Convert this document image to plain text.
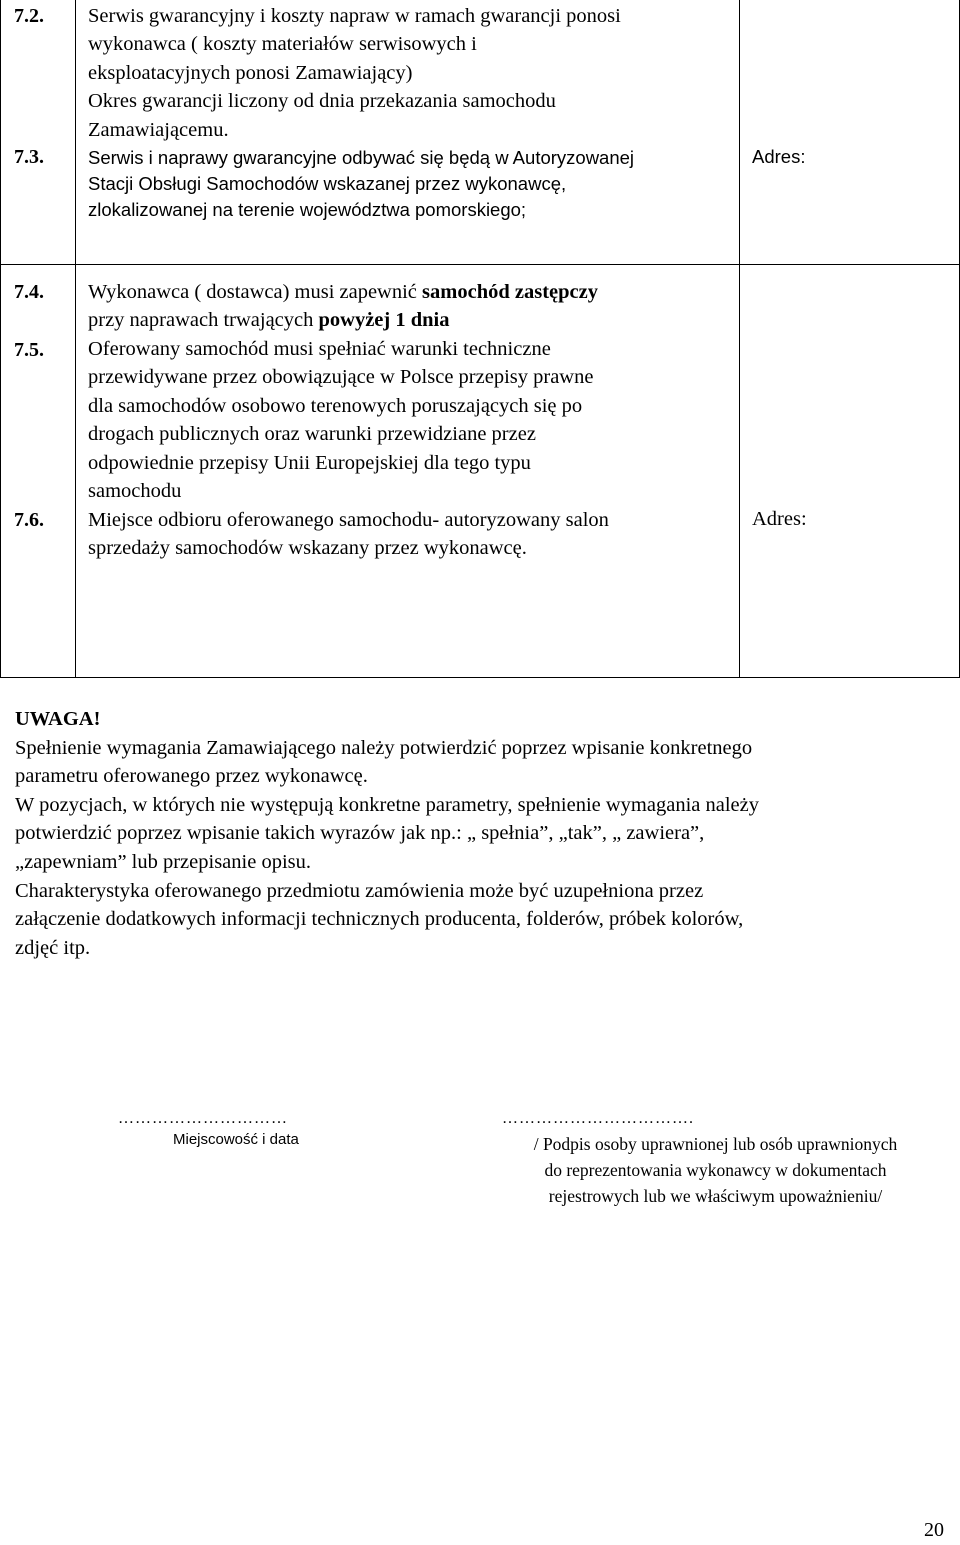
7.2. Serwis gwarancyjny i koszty napraw w ramach gwarancji ponosi
wykonawca ( koszty materiałów serwisowych i
eksploatacyjnych ponosi Zamawiający)
Okres gwarancji liczony od dnia przekazania samochodu
Zamawiającemu.
7.3. Serwis i naprawy gwarancyjne odbywać się będą w Autoryzowanej
Stacji Obsługi Samochodów wskazanej przez wykonawcę,
zlokalizowanej na terenie województwa pomorskiego;
Adres:
7.4. Wykonawca ( dostawca) musi zapewnić samochód zastępczy
przy naprawach trwających powyżej 1 dnia
7.5. Oferowany samochód musi spełniać warunki techniczne
przewidywane przez obowiązujące w Polsce przepisy prawne
dla samochodów osobowo terenowych poruszających się po
drogach publicznych oraz warunki przewidziane przez
odpowiednie przepisy Unii Europejskiej dla tego typu
samochodu
7.6. Miejsce odbioru oferowanego samochodu- autoryzowany salon
sprzedaży samochodów wskazany przez wykonawcę.
Adres:
UWAGA!
Spełnienie wymagania Zamawiającego należy potwierdzić poprzez wpisanie konkretnego
parametru oferowanego przez wykonawcę.
W pozycjach, w których nie występują konkretne parametry, spełnienie wymagania należy
potwierdzić poprzez wpisanie takich wyrazów jak np.: „ spełnia”, „tak”, „ zawiera”,
„zapewniam” lub przepisanie opisu.
Charakterystyka oferowanego przedmiotu zamówienia może być uzupełniona przez
załączenie dodatkowych informacji technicznych producenta, folderów, próbek kolorów,
zdjęć itp.
…………………………
Miejscowość i data
…………………………….
/ Podpis osoby uprawnionej lub osób uprawnionych
do reprezentowania wykonawcy w dokumentach
rejestrowych lub we właściwym upoważnieniu/
20
